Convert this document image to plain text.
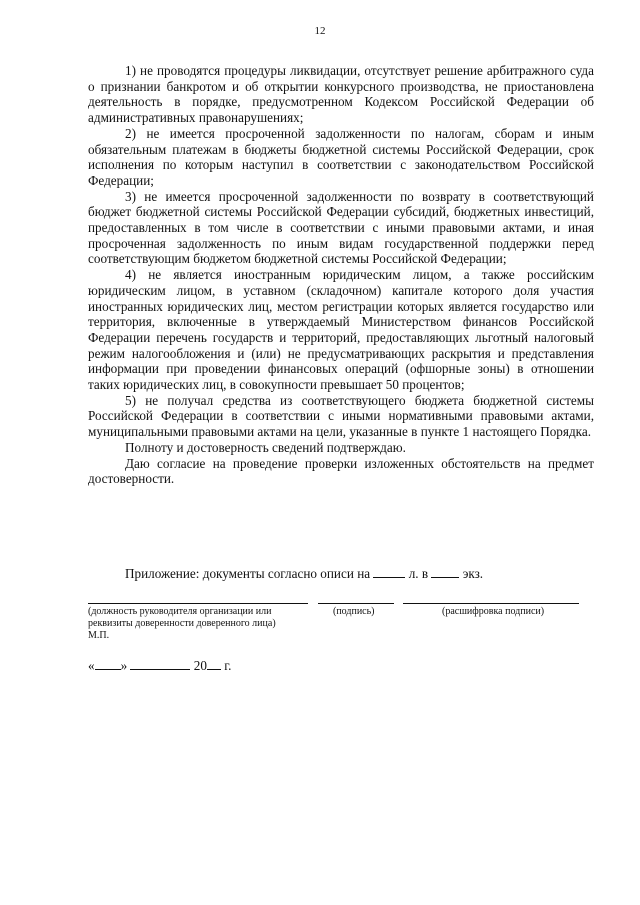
12

1) не проводятся процедуры ликвидации, отсутствует решение арбитражного суда о признании банкротом и об открытии конкурсного производства, не приостановлена деятельность в порядке, предусмотренном Кодексом Российской Федерации об административных правонарушениях;

2) не имеется просроченной задолженности по налогам, сборам и иным обязательным платежам в бюджеты бюджетной системы Российской Федерации, срок исполнения по которым наступил в соответствии с законодательством Российской Федерации;

3) не имеется просроченной задолженности по возврату в соответствующий бюджет бюджетной системы Российской Федерации субсидий, бюджетных инвестиций, предоставленных в том числе в соответствии с иными правовыми актами, и иная просроченная задолженность по иным видам государственной поддержки перед соответствующим бюджетом бюджетной системы Российской Федерации;

4) не является иностранным юридическим лицом, а также российским юридическим лицом, в уставном (складочном) капитале которого доля участия иностранных юридических лиц, местом регистрации которых является государство или территория, включенные в утверждаемый Министерством финансов Российской Федерации перечень государств и территорий, предоставляющих льготный налоговый режим налогообложения и (или) не предусматривающих раскрытия и представления информации при проведении финансовых операций (офшорные зоны) в отношении таких юридических лиц, в совокупности превышает 50 процентов;

5) не получал средства из соответствующего бюджета бюджетной системы Российской Федерации в соответствии с иными нормативными правовыми актами, муниципальными правовыми актами на цели, указанные в пункте 1 настоящего Порядка.

Полноту и достоверность сведений подтверждаю.

Даю согласие на проведение проверки изложенных обстоятельств на предмет достоверности.

Приложение: документы согласно описи на	л. в	экз.
(должность руководителя организации или реквизиты доверенности доверенного лица)
(подпись)	(расшифровка подписи)
М.П.
« »	20 г.
